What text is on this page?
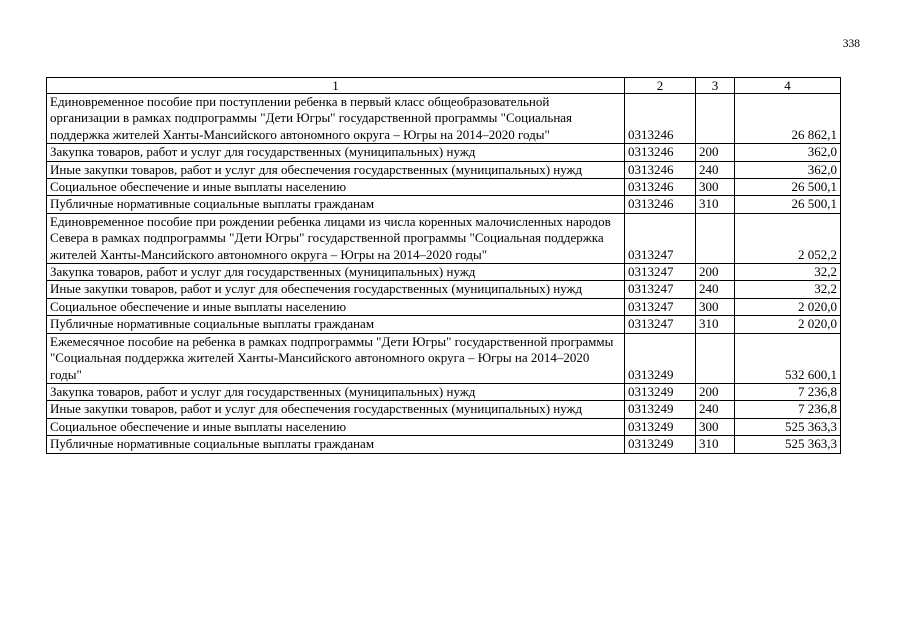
338
1	2	3	4
Единовременное пособие при поступлении ребенка в первый класс общеобразовательной организации в рамках подпрограммы "Дети Югры" государственной программы "Социальная поддержка жителей Ханты-Мансийского автономного округа – Югры на 2014–2020 годы"	0313246		26 862,1
Закупка товаров, работ и услуг для государственных (муниципальных) нужд	0313246	200	362,0
Иные закупки товаров, работ и услуг для обеспечения государственных (муниципальных) нужд	0313246	240	362,0
Социальное обеспечение и иные выплаты населению	0313246	300	26 500,1
Публичные нормативные социальные выплаты гражданам	0313246	310	26 500,1
Единовременное пособие при рождении ребенка лицами из числа коренных малочисленных народов Севера в рамках подпрограммы "Дети Югры" государственной программы "Социальная поддержка жителей Ханты-Мансийского автономного округа – Югры на 2014–2020 годы"	0313247		2 052,2
Закупка товаров, работ и услуг для государственных (муниципальных) нужд	0313247	200	32,2
Иные закупки товаров, работ и услуг для обеспечения государственных (муниципальных) нужд	0313247	240	32,2
Социальное обеспечение и иные выплаты населению	0313247	300	2 020,0
Публичные нормативные социальные выплаты гражданам	0313247	310	2 020,0
Ежемесячное пособие на ребенка в рамках подпрограммы "Дети Югры" государственной программы "Социальная поддержка жителей Ханты-Мансийского автономного округа – Югры на 2014–2020 годы"	0313249		532 600,1
Закупка товаров, работ и услуг для государственных (муниципальных) нужд	0313249	200	7 236,8
Иные закупки товаров, работ и услуг для обеспечения государственных (муниципальных) нужд	0313249	240	7 236,8
Социальное обеспечение и иные выплаты населению	0313249	300	525 363,3
Публичные нормативные социальные выплаты гражданам	0313249	310	525 363,3
